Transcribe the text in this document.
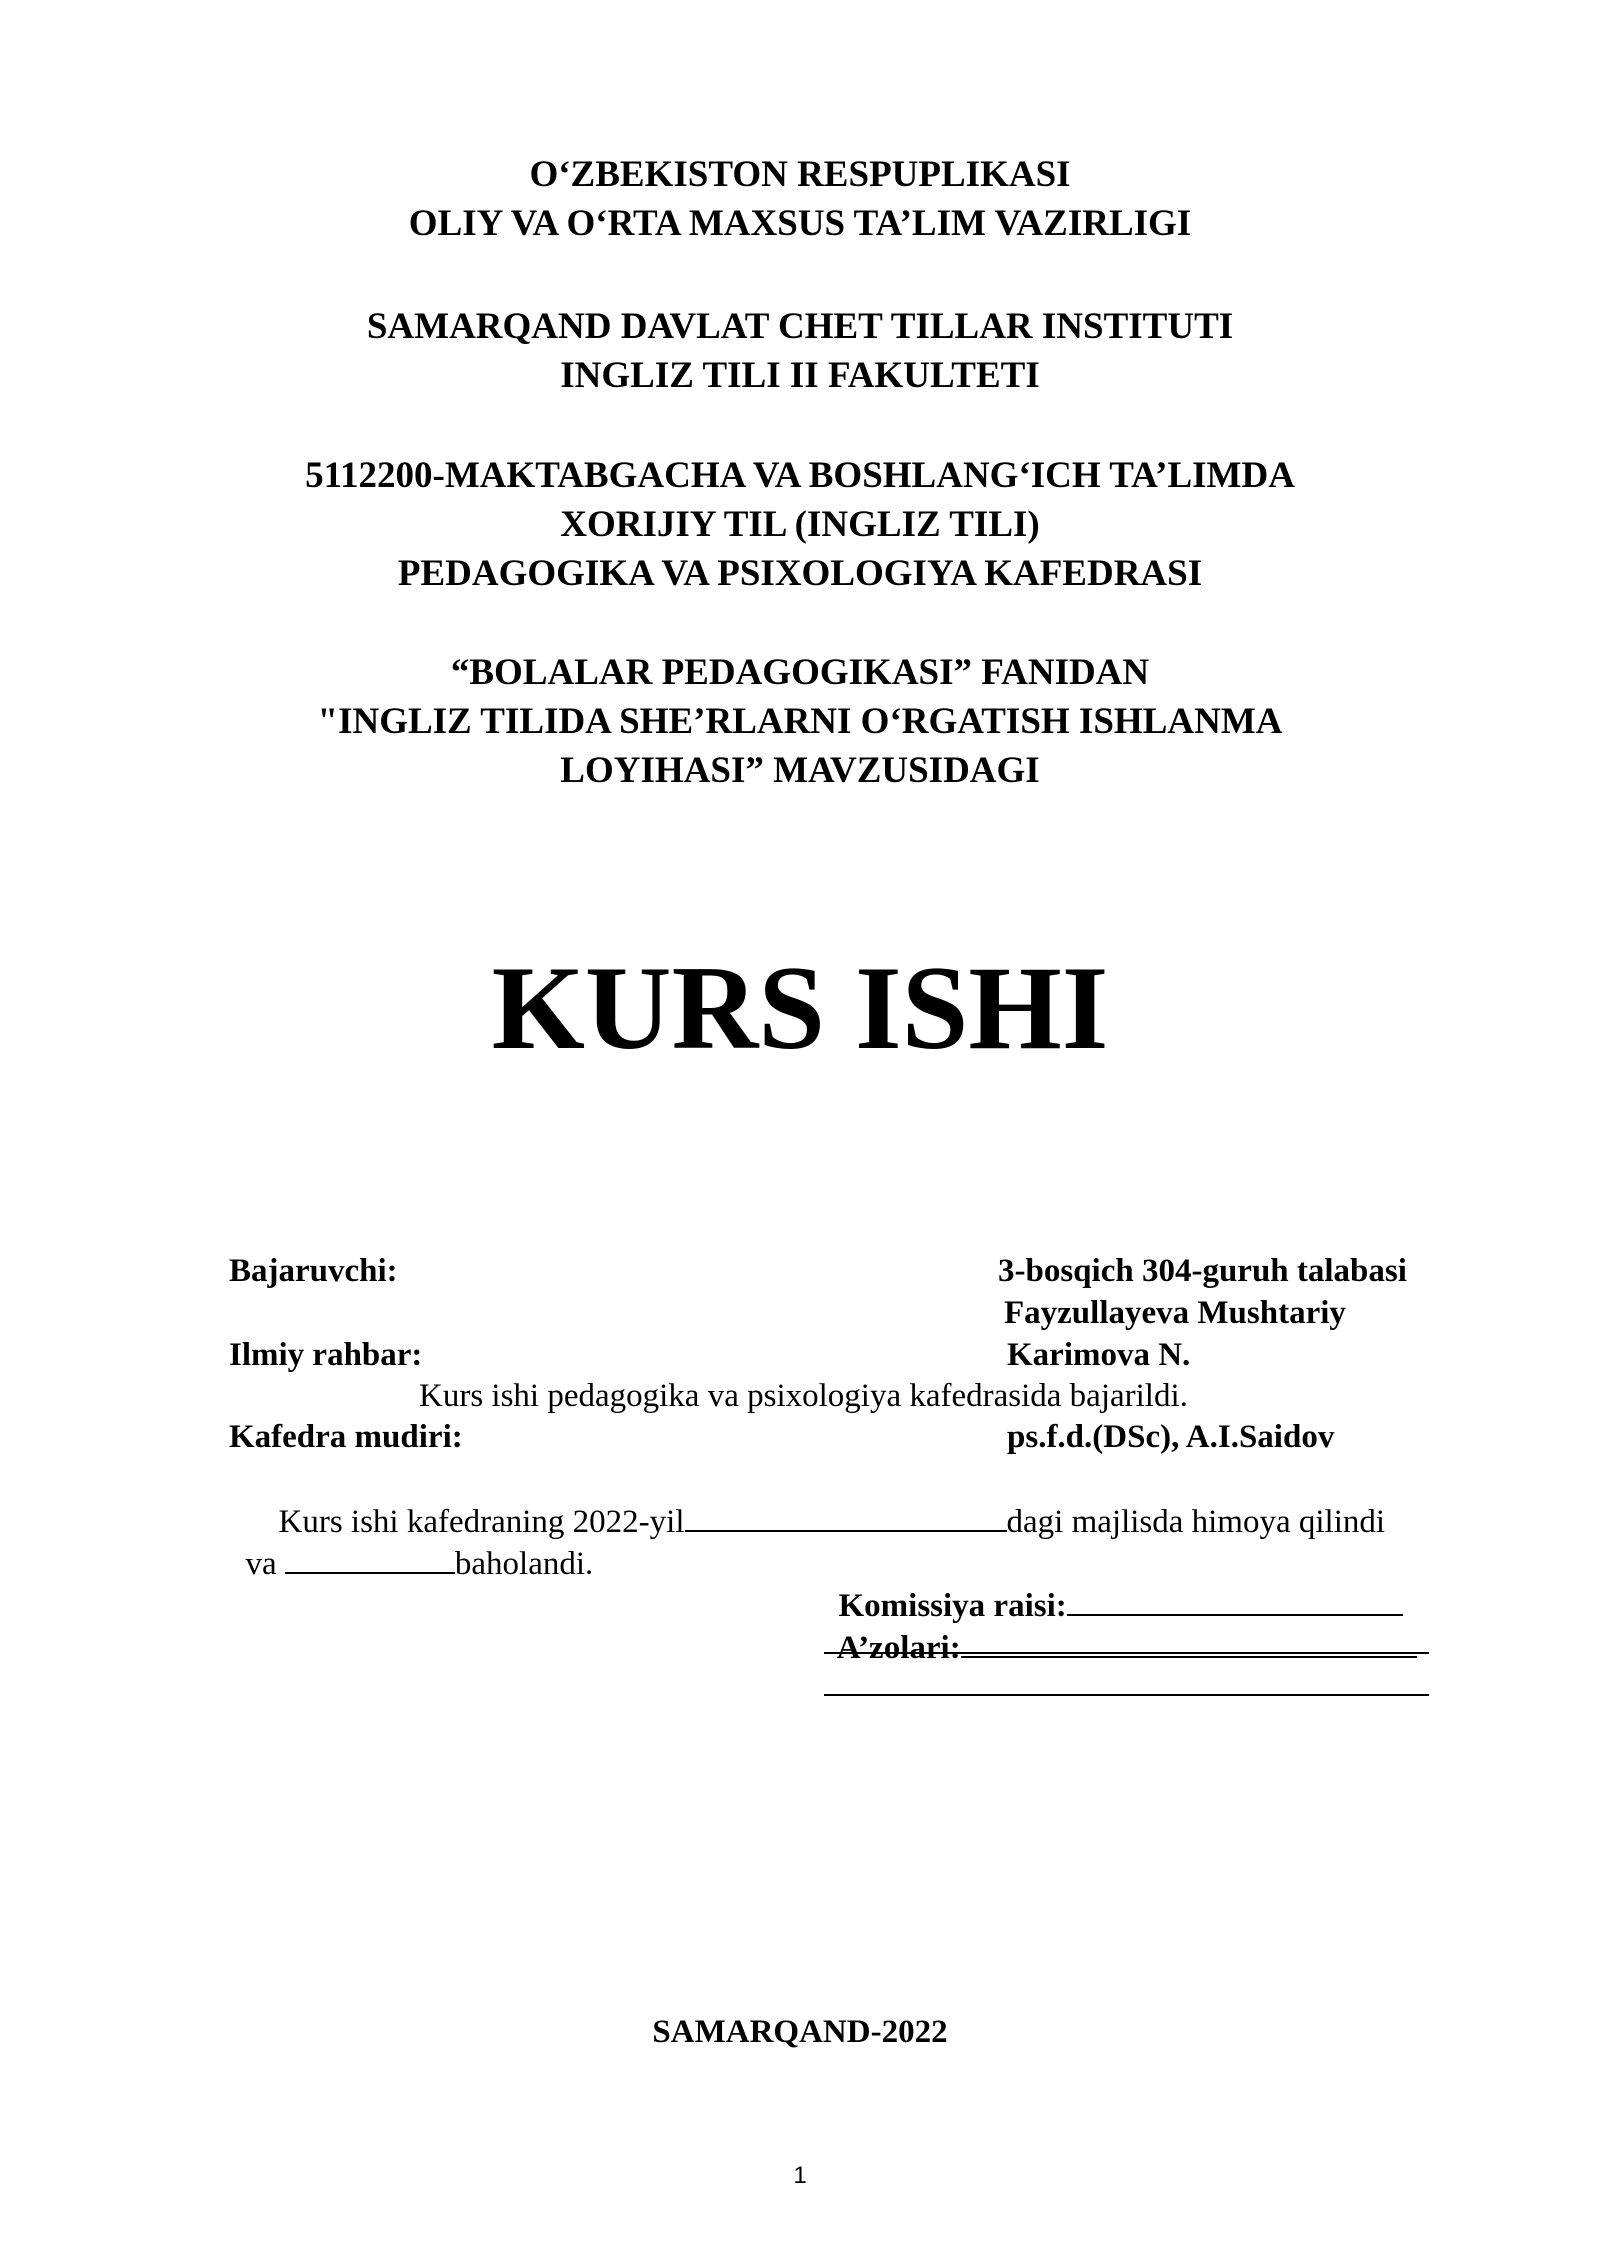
O‘ZBEKISTON RESPUPLIKASI
OLIY VA O‘RTA MAXSUS TA’LIM VAZIRLIGI
SAMARQAND DAVLAT CHET TILLAR INSTITUTI
INGLIZ TILI II FAKULTETI
5112200-MAKTABGACHA VA BOSHLANG‘ICH TA’LIMDA
XORIJIY TIL (INGLIZ TILI)
PEDAGOGIKA VA PSIXOLOGIYA KAFEDRASI
“BOLALAR PEDAGOGIKASI” FANIDAN
"INGLIZ TILIDA SHE’RLARNI O‘RGATISH ISHLANMA
LOYIHASI” MAVZUSIDAGI
KURS ISHI
Bajaruvchi:	3-bosqich 304-guruh talabasi
Fayzullayeva Mushtariy
Ilmiy rahbar:	Karimova N.
Kurs ishi pedagogika va psixologiya kafedrasida bajarildi.
Kafedra mudiri:	ps.f.d.(DSc), A.I.Saidov

Kurs ishi kafedraning 2022-yil	dagi majlisda himoya qilindi

va	baholandi.

Komissiya raisi:

A’zolari:

SAMARQAND-2022
1
